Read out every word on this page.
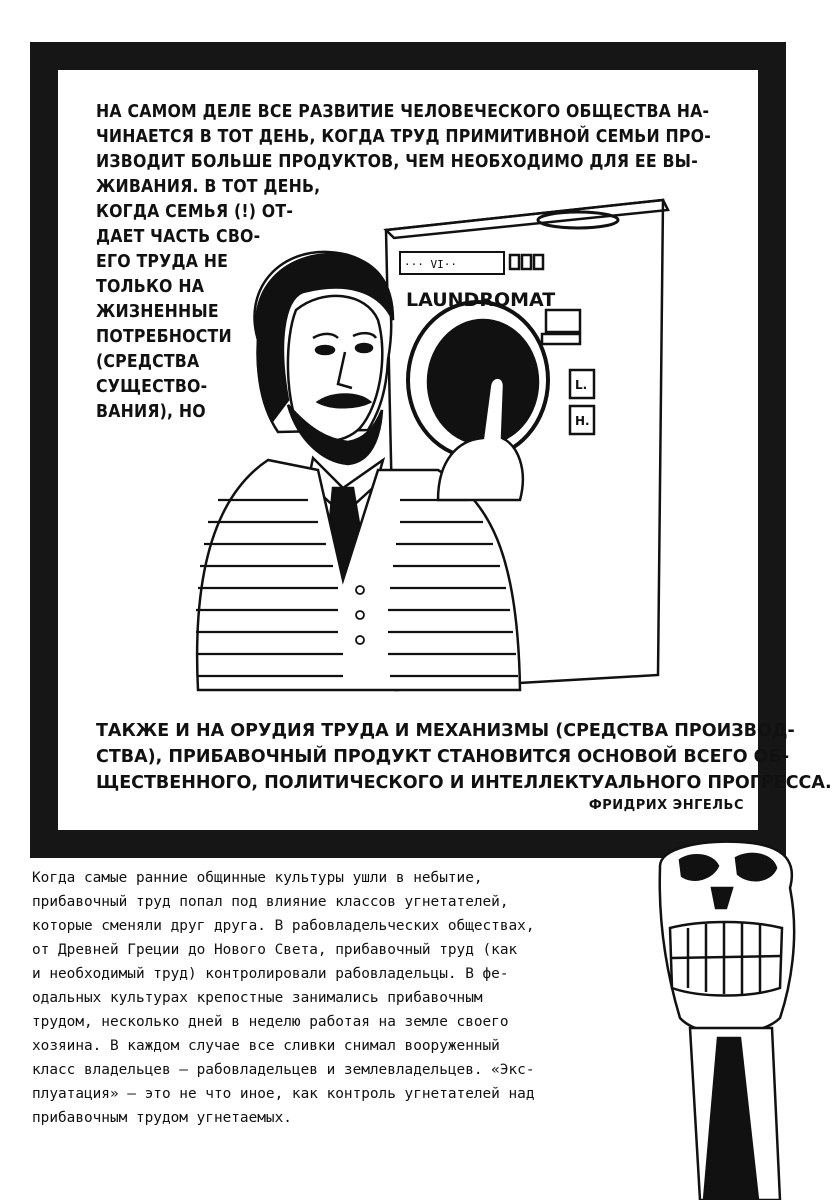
НА САМОМ ДЕЛЕ ВСЕ РАЗВИТИЕ ЧЕЛОВЕЧЕСКОГО ОБЩЕСТВА НА-
ЧИНАЕТСЯ В ТОТ ДЕНЬ, КОГДА ТРУД ПРИМИТИВНОЙ СЕМЬИ ПРО-
ИЗВОДИТ БОЛЬШЕ ПРОДУКТОВ, ЧЕМ НЕОБХОДИМО ДЛЯ ЕЕ ВЫ-
ЖИВАНИЯ. В ТОТ ДЕНЬ,
КОГДА СЕМЬЯ (!) ОТ-
ДАЕТ ЧАСТЬ СВО-
ЕГО ТРУДА НЕ
ТОЛЬКО НА
ЖИЗНЕННЫЕ
ПОТРЕБНОСТИ
(СРЕДСТВА
СУЩЕСТВО-
ВАНИЯ), НО
··· VI··
LAUNDROMAT
L.
H.
ТАКЖЕ И НА ОРУДИЯ ТРУДА И МЕХАНИЗМЫ (СРЕДСТВА ПРОИЗВОД-
СТВА), ПРИБАВОЧНЫЙ ПРОДУКТ СТАНОВИТСЯ ОСНОВОЙ ВСЕГО ОБ-
ЩЕСТВЕННОГО, ПОЛИТИЧЕСКОГО И ИНТЕЛЛЕКТУАЛЬНОГО ПРОГРЕССА.
ФРИДРИХ ЭНГЕЛЬС
Когда самые ранние общинные культуры ушли в небытие,
прибавочный труд попал под влияние классов угнетателей,
которые сменяли друг друга. В рабовладельческих обществах,
от Древней Греции до Нового Света, прибавочный труд (как
и необходимый труд) контролировали рабовладельцы. В фе-
одальных культурах крепостные занимались прибавочным
трудом, несколько дней в неделю работая на земле своего
хозяина. В каждом случае все сливки снимал вооруженный
класс владельцев — рабовладельцев и землевладельцев. «Экс-
плуатация» — это не что иное, как контроль угнетателей над
прибавочным трудом угнетаемых.
